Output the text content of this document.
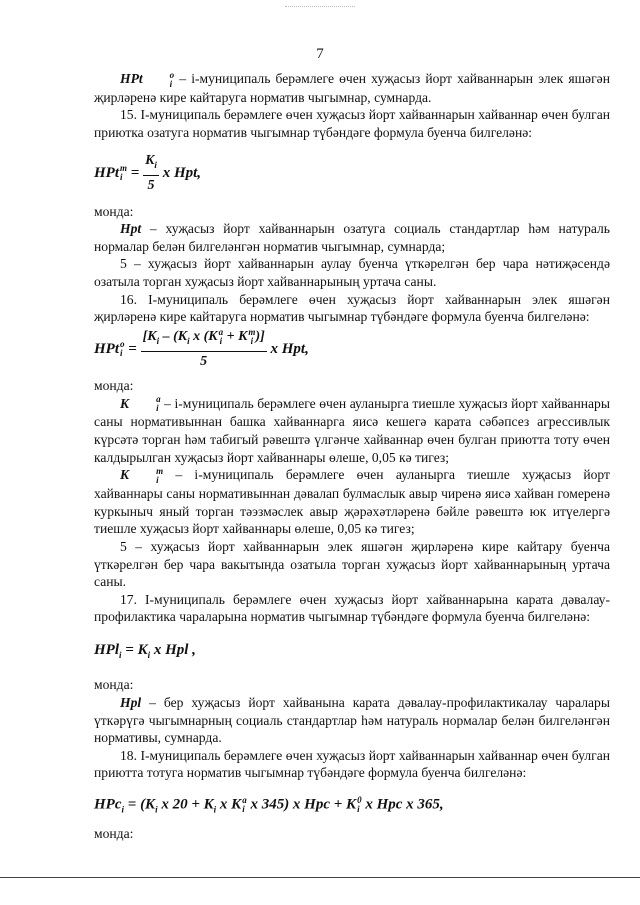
7

HPt	o
i – і-муниципаль берәмлеге өчен хуҗасыз йорт хайваннарын элек яшәгән җирләренә кире кайтаруга норматив чыгымнар, сумнарда.

15. I-муниципаль берәмлеге өчен хуҗасыз йорт хайваннарын хайваннар өчен булган приютка озатуга норматив чыгымнар түбәндәге формула буенча билгеләнә:

HPt m
$i = \frac{K_i}{5}$ x Hpt,

монда:

Hpt – хуҗасыз йорт хайваннарын озатуга социаль стандартлар һәм натураль нормалар белән билгеләнгән норматив чыгымнар, сумнарда;

5 – хуҗасыз йорт хайваннарын аулау буенча үткәрелгән бер чара нәтиҗәсендә озатыла торган хуҗасыз йорт хайваннарының уртача саны.

16. I-муниципаль берәмлеге өчен хуҗасыз йорт хайваннарын элек яшәгән җирләренә кире кайтаруга норматив чыгымнар түбәндәге формула буенча билгеләнә:

HPt o
$i = [K_i - (K_i$ x (K a
i + K m
i )]
5 x Hpt,

монда:

K	a
i – і-муниципаль берәмлеге өчен ауланырга тиешле хуҗасыз йорт хайваннары саны нормативыннан башка хайваннарга яисә кешегә карата сәбәпсез агрессивлык күрсәтә торган һәм табигый рәвештә үлгәнче хайваннар өчен булган приютта тоту өчен калдырылган хуҗасыз йорт хайваннары өлеше, 0,05 кә тигез;

K	m
i	– і-муниципаль берәмлеге өчен ауланырга тиешле хуҗасыз йорт хайваннары саны нормативыннан дәвалап булмаслык авыр чиренә яисә хайван гомеренә куркыныч яный торган тәэзмәслек авыр җәрәхәтләренә бәйле рәвештә юк итүелергә тиешле хуҗасыз йорт хайваннары өлеше, 0,05 кә тигез;

5 – хуҗасыз йорт хайваннарын элек яшәгән җирләренә кире кайтару буенча үткәрелгән бер чара вакытында озатыла торган хуҗасыз йорт хайваннарының уртача саны.

17. I-муниципаль берәмлеге өчен хуҗасыз йорт хайваннарына карата дәвалау-профилактика чараларына норматив чыгымнар түбәндәге формула буенча билгеләнә:

$HPl_i = K_i$ x Hpl ,

монда:

Hpl – бер хуҗасыз йорт хайванына карата дәвалау-профилактикалау чаралары үткәрүгә чыгымнарның социаль стандартлар һәм натураль нормалар белән билгеләнгән нормативы, сумнарда.

18. I-муниципаль берәмлеге өчен хуҗасыз йорт хайваннарын хайваннар өчен булган приютта тотуга норматив чыгымнар түбәндәге формула буенча билгеләнә:

$HPc_i = (K_i$ x $20 + K_i$ x K a
i x 345) x Hpc + K 0
i x Hpc x 365,

монда:
